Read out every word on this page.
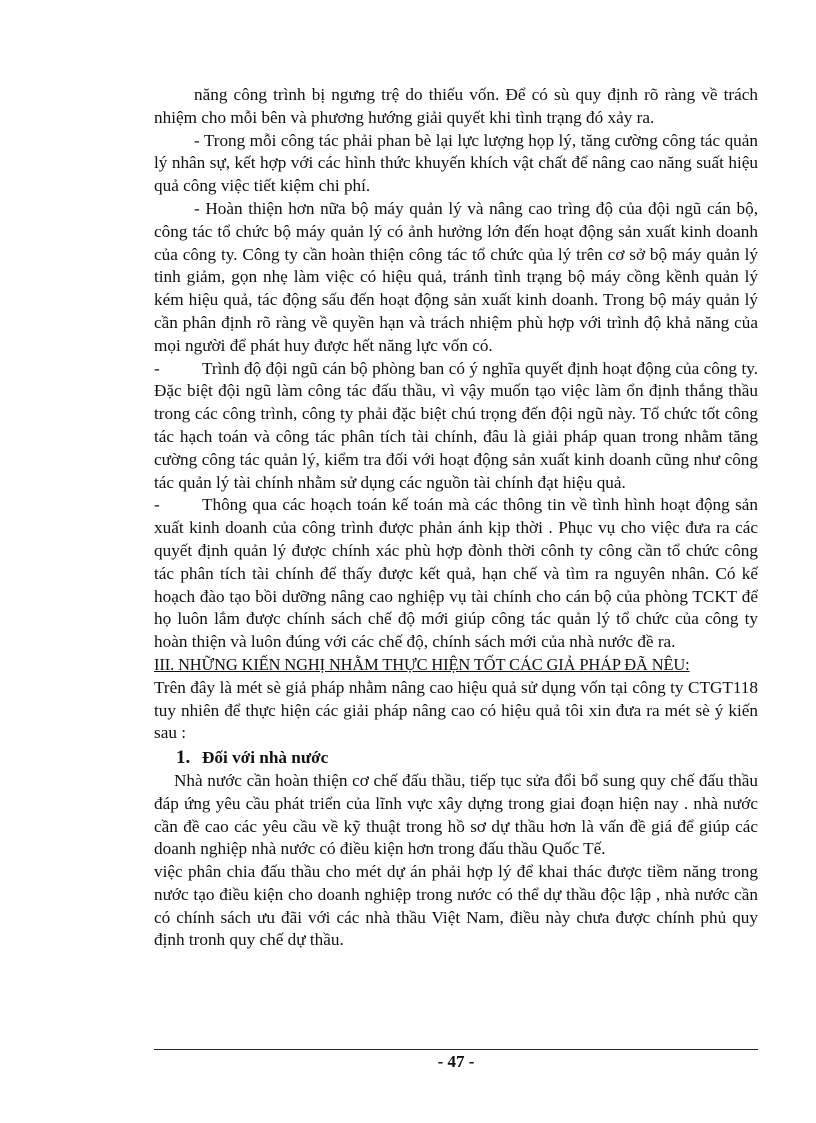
năng công trình bị ngưng trệ do thiếu vốn. Để có sù quy định rõ ràng về trách nhiệm cho mỗi bên và phương hướng giải quyết khi tình trạng đó xảy ra.

- Trong mỗi công tác phải phan bè lại lực lượng họp lý, tăng cường công tác quản lý nhân sự, kết hợp với các hình thức khuyến khích vật chất để nâng cao năng suất hiệu quả công việc tiết kiệm chi phí.

- Hoàn thiện hơn nữa bộ máy quản lý và nâng cao trìng độ của đội ngũ cán bộ, công tác tổ chức bộ máy quản lý có ảnh hưởng lớn đến hoạt động sản xuất kinh doanh của công ty. Công ty cần hoàn thiện công tác tổ chức qủa lý trên cơ sở bộ máy quản lý tinh giảm, gọn nhẹ làm việc có hiệu quả, tránh tình trạng bộ máy cồng kềnh quản lý kém hiệu quả, tác động sấu đến hoạt động sản xuất kinh doanh. Trong bộ máy quản lý cần phân định rõ ràng về quyền hạn và trách nhiệm phù hợp với trình độ khả năng của mọi người để phát huy được hết năng lực vốn có.

- Trình độ đội ngũ cán bộ phòng ban có ý nghĩa quyết định hoạt động của công ty. Đặc biệt đội ngũ làm công tác đấu thầu, vì vậy muốn tạo việc làm ổn định thắng thầu trong các công trình, công ty phải đặc biệt chú trọng đến đội ngũ này. Tổ chức tốt công tác hạch toán và công tác phân tích tài chính, đâu là giải pháp quan trong nhằm tăng cường công tác quản lý, kiểm tra đối với hoạt động sản xuất kinh doanh cũng như công tác quản lý tài chính nhằm sử dụng các nguồn tài chính đạt hiệu quả.

- Thông qua các hoạch toán kế toán mà các thông tin về tình hình hoạt động sản xuất kinh doanh của công trình được phản ánh kịp thời . Phục vụ cho việc đưa ra các quyết định quản lý được chính xác phù hợp đònh thời cônh ty công cần tổ chức công tác phân tích tài chính để thấy được kết quả, hạn chế và tìm ra nguyên nhân. Có kế hoạch đào tạo bồi dưỡng nâng cao nghiệp vụ tài chính cho cán bộ của phòng TCKT để họ luôn lắm được chính sách chế độ mới giúp công tác quản lý tổ chức của công ty hoàn thiện và luôn đúng với các chế độ, chính sách mới của nhà nước đề ra.

III. NHỮNG KIẾN NGHỊ NHẰM THỰC HIỆN TỐT CÁC GIẢ PHÁP ĐÃ NÊU:

Trên đây là mét sè giả pháp nhằm nâng cao hiệu quả sử dụng vốn tại công ty CTGT118 tuy nhiên để thực hiện các giải pháp nâng cao có hiệu quả tôi xin đưa ra mét sè ý kiến sau :

1. Đối với nhà nước

Nhà nước cần hoàn thiện cơ chế đấu thầu, tiếp tục sửa đổi bổ sung quy chế đấu thầu đáp ứng yêu cầu phát triển của lĩnh vực xây dựng trong giai đoạn hiện nay . nhà nước cần đề cao các yêu cầu về kỹ thuật trong hồ sơ dự thầu hơn là vấn đề giá để giúp các doanh nghiệp nhà nước có điều kiện hơn trong đấu thầu Quốc Tế.

việc phân chia đấu thầu cho mét dự án phải hợp lý để khai thác được tiềm năng trong nước tạo điều kiện cho doanh nghiệp trong nước có thể dự thầu độc lập , nhà nước cần có chính sách ưu đãi với các nhà thầu Việt Nam, điều này chưa được chính phủ quy định tronh quy chế dự thầu.

- 47 -
